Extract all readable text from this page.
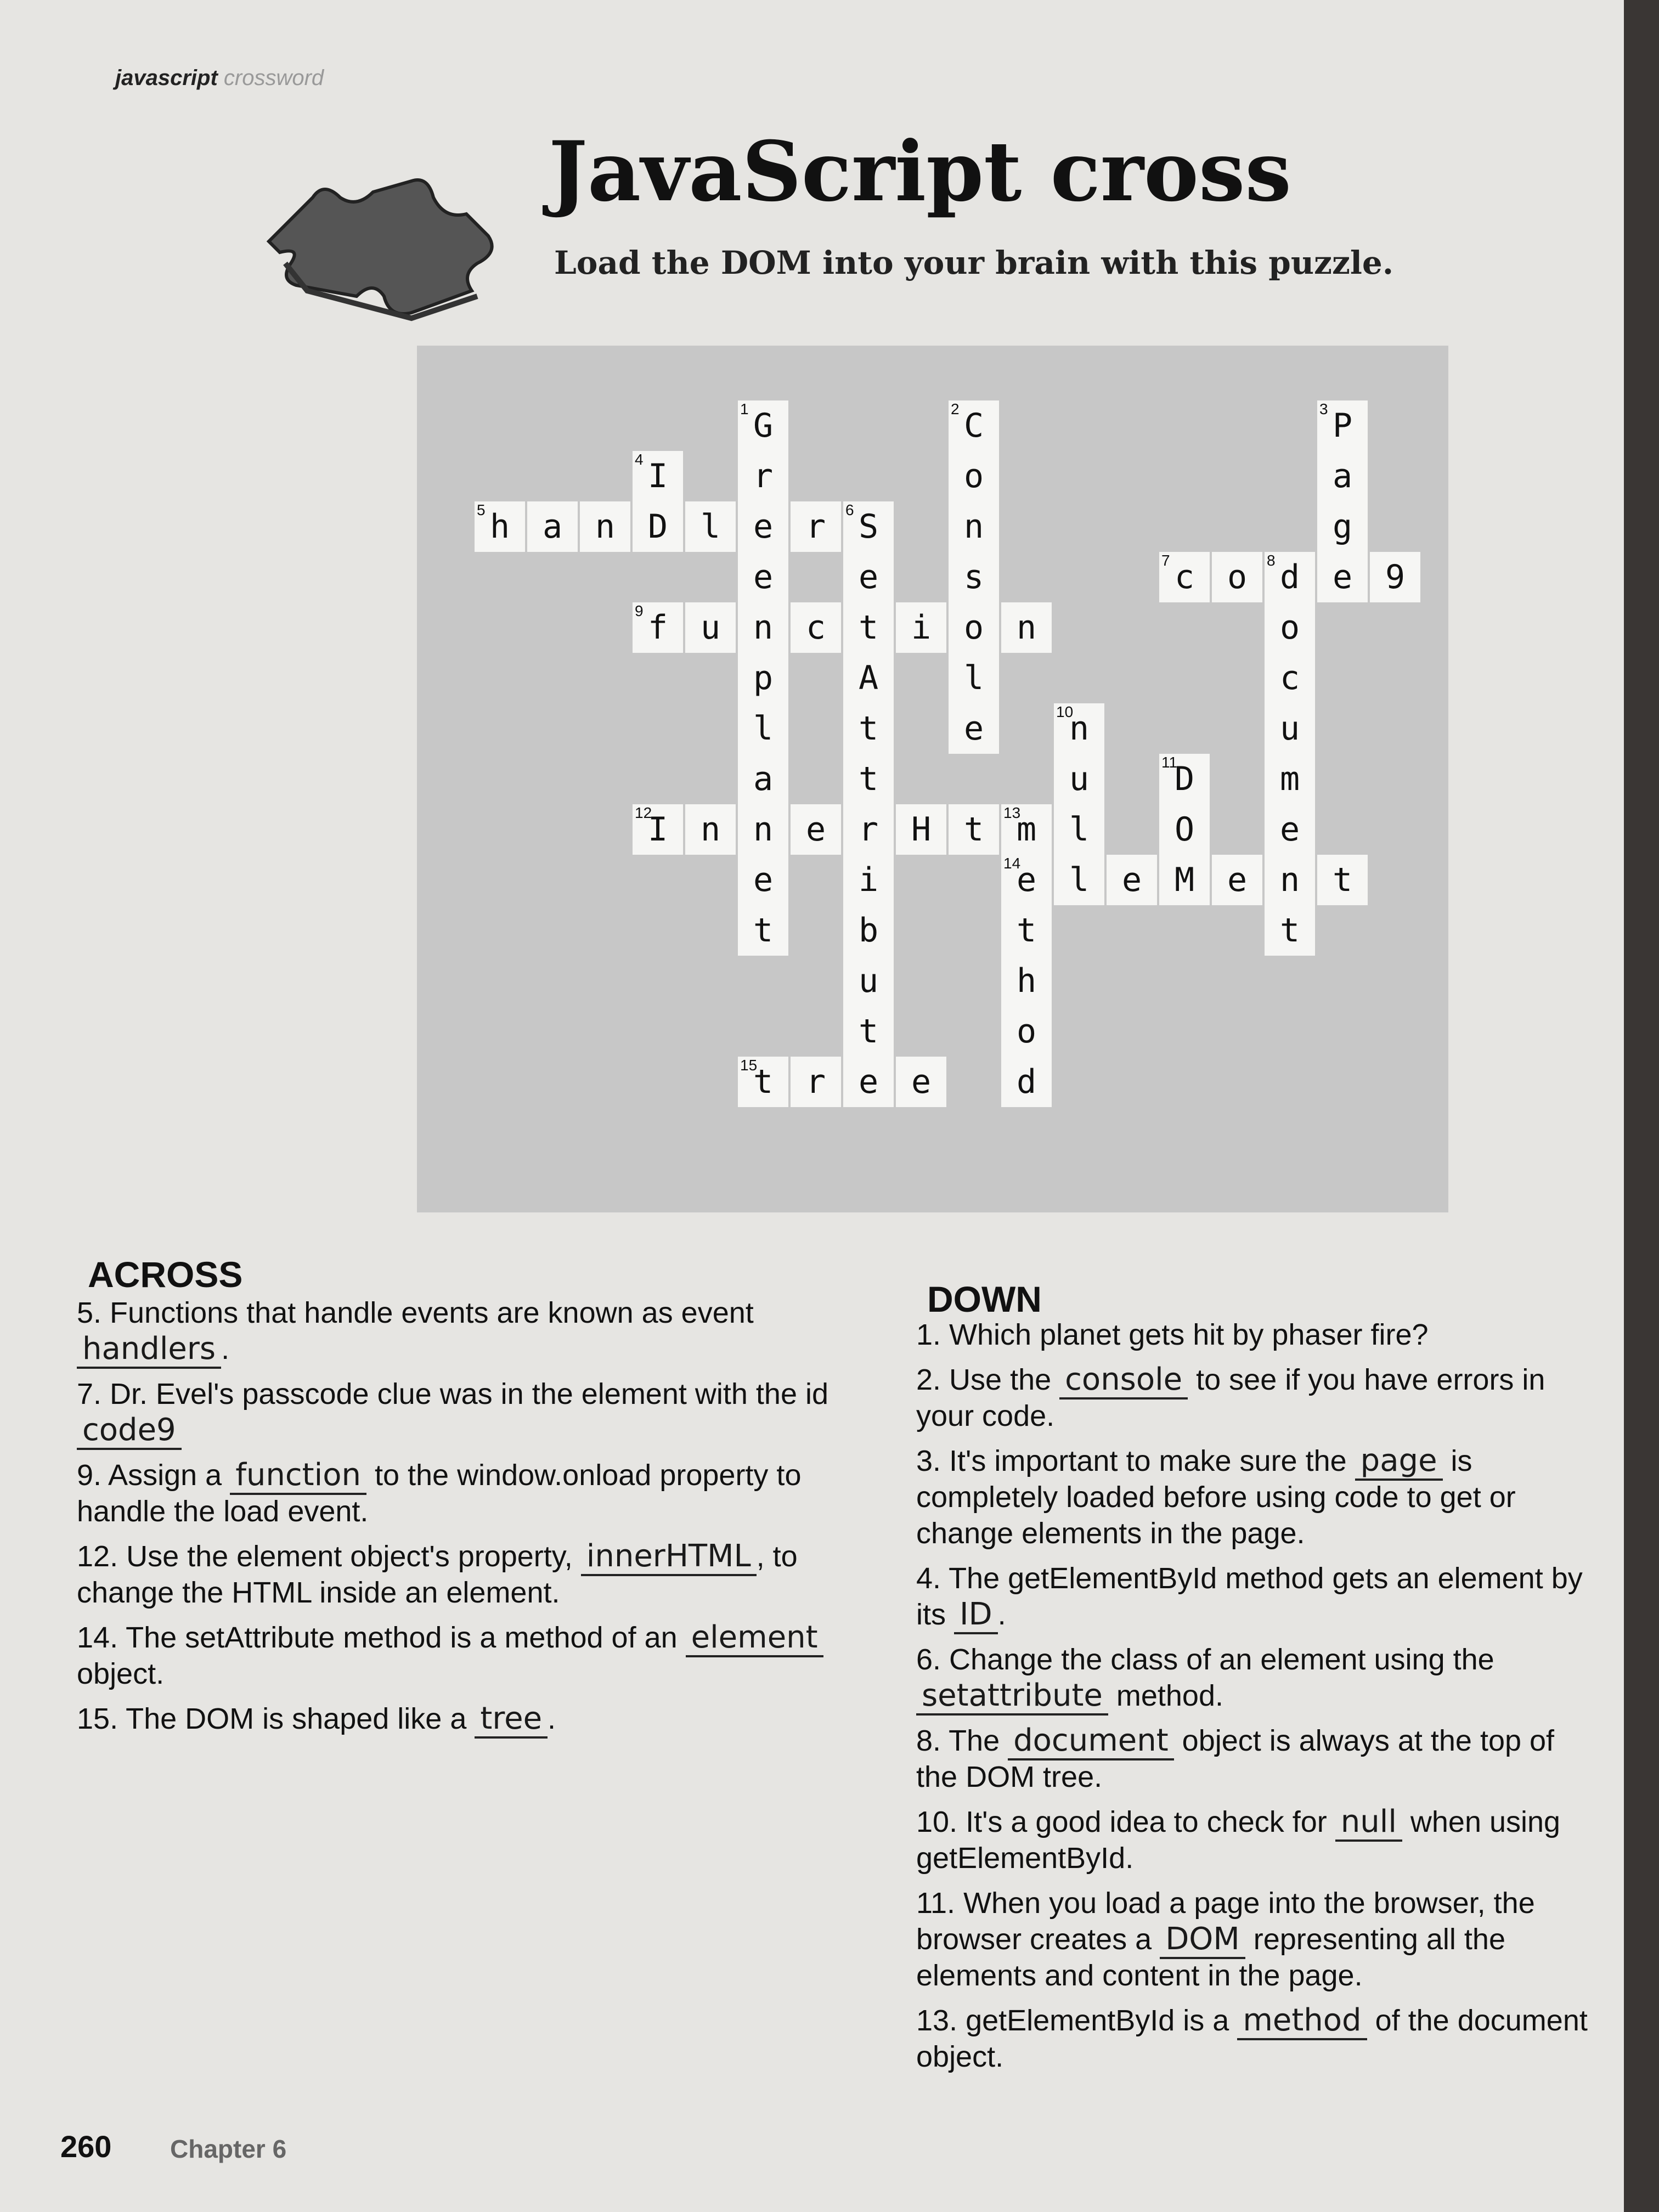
javascript crossword
JavaScript cross
Load the DOM into your brain with this puzzle.
1 G	2 C	3 P
4 I	r	o	a
5 h a n D l e r	6 S	n	g
e	e	s	7 c o	8 d e 9
9 f u n c t i o n	o
p	A	l	c
l	t	e	10
n	u
a	t	u	11
D	m
12
I n n e r H t	13
m l	O	e
e	i	14
e l e M e n t
t	b	t	t
u	h
t	o
15
t r e e	d
ACROSS
5. Functions that handle events are known as event handlers .
7. Dr. Evel's passcode clue was in the element with the id code9
9. Assign a function to the window.onload property to handle the load event.
12. Use the element object's property, innerHTML , to change the HTML inside an element.
14. The setAttribute method is a method of an element object.
15. The DOM is shaped like a tree .
DOWN
1. Which planet gets hit by phaser fire?
2. Use the console to see if you have errors in your code.
3. It's important to make sure the page is completely loaded before using code to get or change elements in the page.
4. The getElementById method gets an element by its ID .
6. Change the class of an element using the setattribute method.
8. The document object is always at the top of the DOM tree.
10. It's a good idea to check for null when using getElementById.
11. When you load a page into the browser, the browser creates a DOM representing all the elements and content in the page.
13. getElementById is a method of the document object.
260 Chapter 6
